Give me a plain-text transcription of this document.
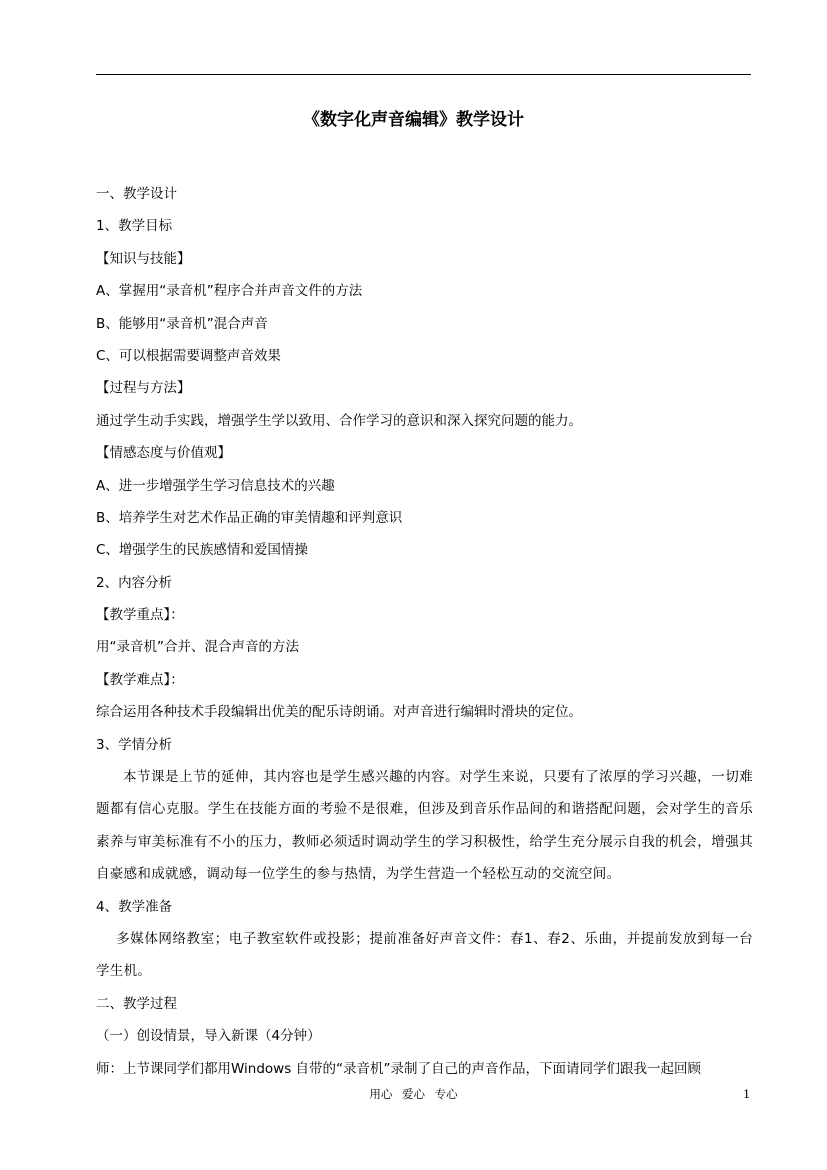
《数字化声音编辑》教学设计
一、教学设计
1、教学目标
【知识与技能】
A、掌握用“录音机”程序合并声音文件的方法
B、能够用“录音机”混合声音
C、可以根据需要调整声音效果
【过程与方法】
通过学生动手实践，增强学生学以致用、合作学习的意识和深入探究问题的能力。
【情感态度与价值观】
A、进一步增强学生学习信息技术的兴趣
B、培养学生对艺术作品正确的审美情趣和评判意识
C、增强学生的民族感情和爱国情操
2、内容分析
【教学重点】：
用“录音机”合并、混合声音的方法
【教学难点】：
综合运用各种技术手段编辑出优美的配乐诗朗诵。对声音进行编辑时滑块的定位。
3、学情分析

本节课是上节的延伸，其内容也是学生感兴趣的内容。对学生来说，只要有了浓厚的学习兴趣，一切难题都有信心克服。学生在技能方面的考验不是很难，但涉及到音乐作品间的和谐搭配问题，会对学生的音乐素养与审美标准有不小的压力，教师必须适时调动学生的学习积极性，给学生充分展示自我的机会，增强其自豪感和成就感，调动每一位学生的参与热情，为学生营造一个轻松互动的交流空间。

4、教学准备

多媒体网络教室；电子教室软件或投影；提前准备好声音文件：春1、春2、乐曲，并提前发放到每一台学生机。

二、教学过程
（一）创设情景，导入新课（4分钟）
师：上节课同学们都用Windows 自带的“录音机”录制了自己的声音作品，下面请同学们跟我一起回顾
用心 爱心 专心	1
